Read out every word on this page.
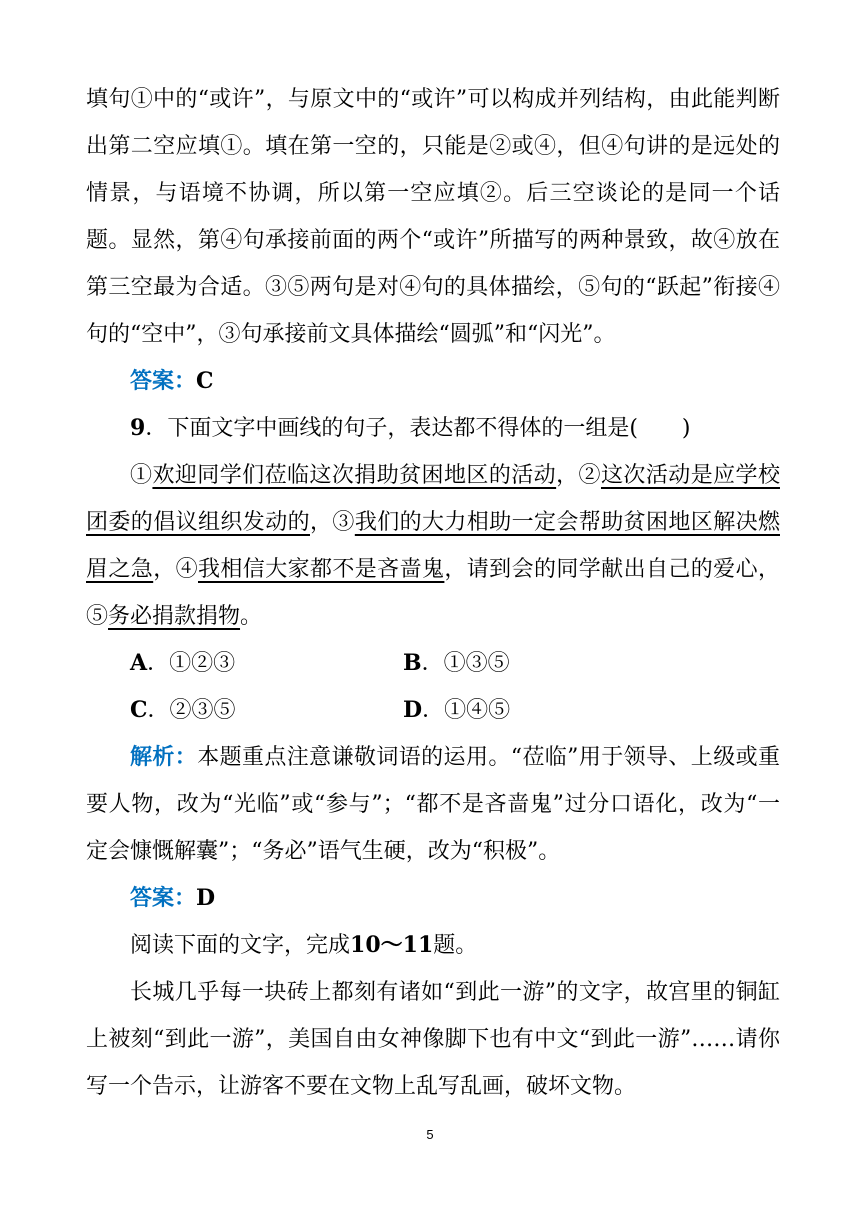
填句①中的“或许”，与原文中的“或许”可以构成并列结构，由此能判断出第二空应填①。填在第一空的，只能是②或④，但④句讲的是远处的情景，与语境不协调，所以第一空应填②。后三空谈论的是同一个话题。显然，第④句承接前面的两个“或许”所描写的两种景致，故④放在第三空最为合适。③⑤两句是对④句的具体描绘，⑤句的“跃起”衔接④句的“空中”，③句承接前文具体描绘“圆弧”和“闪光”。

答案：C

9．下面文字中画线的句子，表达都不得体的一组是(　　)

①欢迎同学们莅临这次捐助贫困地区的活动，②这次活动是应学校团委的倡议组织发动的，③我们的大力相助一定会帮助贫困地区解决燃眉之急，④我相信大家都不是吝啬鬼，请到会的同学献出自己的爱心，⑤务必捐款捐物。

A．①②③	B．①③⑤
C．②③⑤	D．①④⑤

解析：本题重点注意谦敬词语的运用。“莅临”用于领导、上级或重要人物，改为“光临”或“参与”；“都不是吝啬鬼”过分口语化，改为“一定会慷慨解囊”；“务必”语气生硬，改为“积极”。

答案：D

阅读下面的文字，完成10～11题。

长城几乎每一块砖上都刻有诸如“到此一游”的文字，故宫里的铜缸上被刻“到此一游”，美国自由女神像脚下也有中文“到此一游”……请你写一个告示，让游客不要在文物上乱写乱画，破坏文物。

5
